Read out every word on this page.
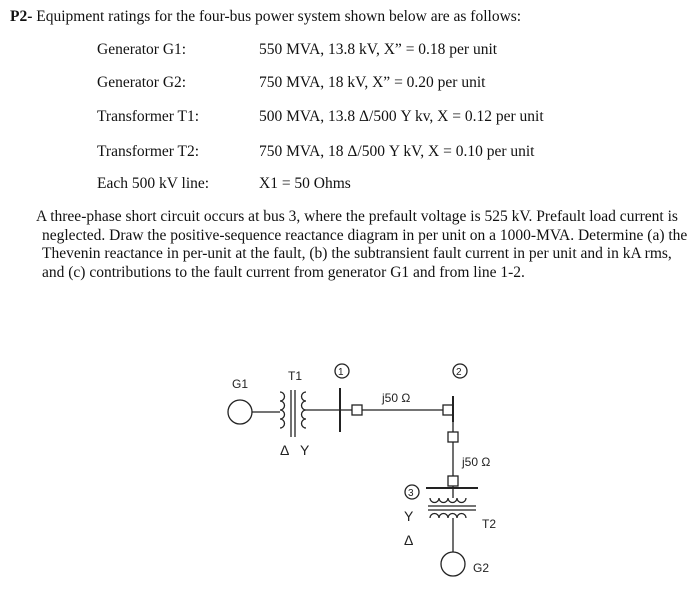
P2- Equipment ratings for the four-bus power system shown below are as follows:
Generator G1:	550 MVA, 13.8 kV, X” = 0.18 per unit
Generator G2:	750 MVA, 18 kV, X” = 0.20 per unit
Transformer T1:	500 MVA, 13.8 Δ/500 Y kv, X = 0.12 per unit
Transformer T2:	750 MVA, 18 Δ/500 Y kV, X = 0.10 per unit
Each 500 kV line:	X1 = 50 Ohms

A three-phase short circuit occurs at bus 3, where the prefault voltage is 525 kV. Prefault load current is neglected. Draw the positive-sequence reactance diagram in per unit on a 1000-MVA. Determine (a) the Thevenin reactance in per-unit at the fault, (b) the subtransient fault current in per unit and in kA rms, and (c) contributions to the fault current from generator G1 and from line 1-2.

G1
T1
Δ Y
1	2
3
j50 Ω
j50 Ω
T2
Y
Δ
G2
